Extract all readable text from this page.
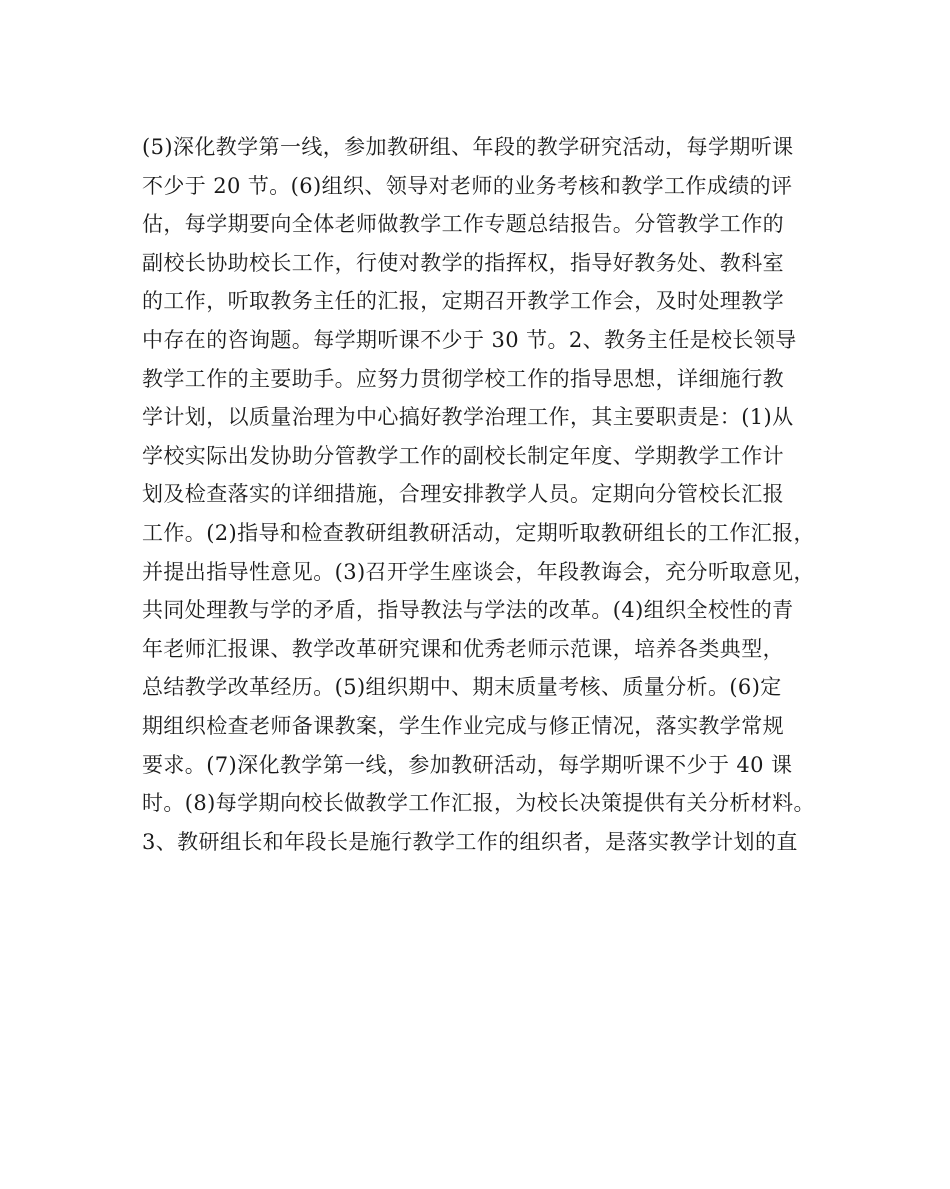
(5)深化教学第一线，参加教研组、年段的教学研究活动，每学期听课
不少于 20 节。(6)组织、领导对老师的业务考核和教学工作成绩的评
估，每学期要向全体老师做教学工作专题总结报告。分管教学工作的
副校长协助校长工作，行使对教学的指挥权，指导好教务处、教科室
的工作，听取教务主任的汇报，定期召开教学工作会，及时处理教学
中存在的咨询题。每学期听课不少于 30 节。2、教务主任是校长领导
教学工作的主要助手。应努力贯彻学校工作的指导思想，详细施行教
学计划，以质量治理为中心搞好教学治理工作，其主要职责是：(1)从
学校实际出发协助分管教学工作的副校长制定年度、学期教学工作计
划及检查落实的详细措施，合理安排教学人员。定期向分管校长汇报
工作。(2)指导和检查教研组教研活动，定期听取教研组长的工作汇报，
并提出指导性意见。(3)召开学生座谈会，年段教诲会，充分听取意见，
共同处理教与学的矛盾，指导教法与学法的改革。(4)组织全校性的青
年老师汇报课、教学改革研究课和优秀老师示范课，培养各类典型，
总结教学改革经历。(5)组织期中、期末质量考核、质量分析。(6)定
期组织检查老师备课教案，学生作业完成与修正情况，落实教学常规
要求。(7)深化教学第一线，参加教研活动，每学期听课不少于 40 课
时。(8)每学期向校长做教学工作汇报，为校长决策提供有关分析材料。
3、教研组长和年段长是施行教学工作的组织者，是落实教学计划的直
